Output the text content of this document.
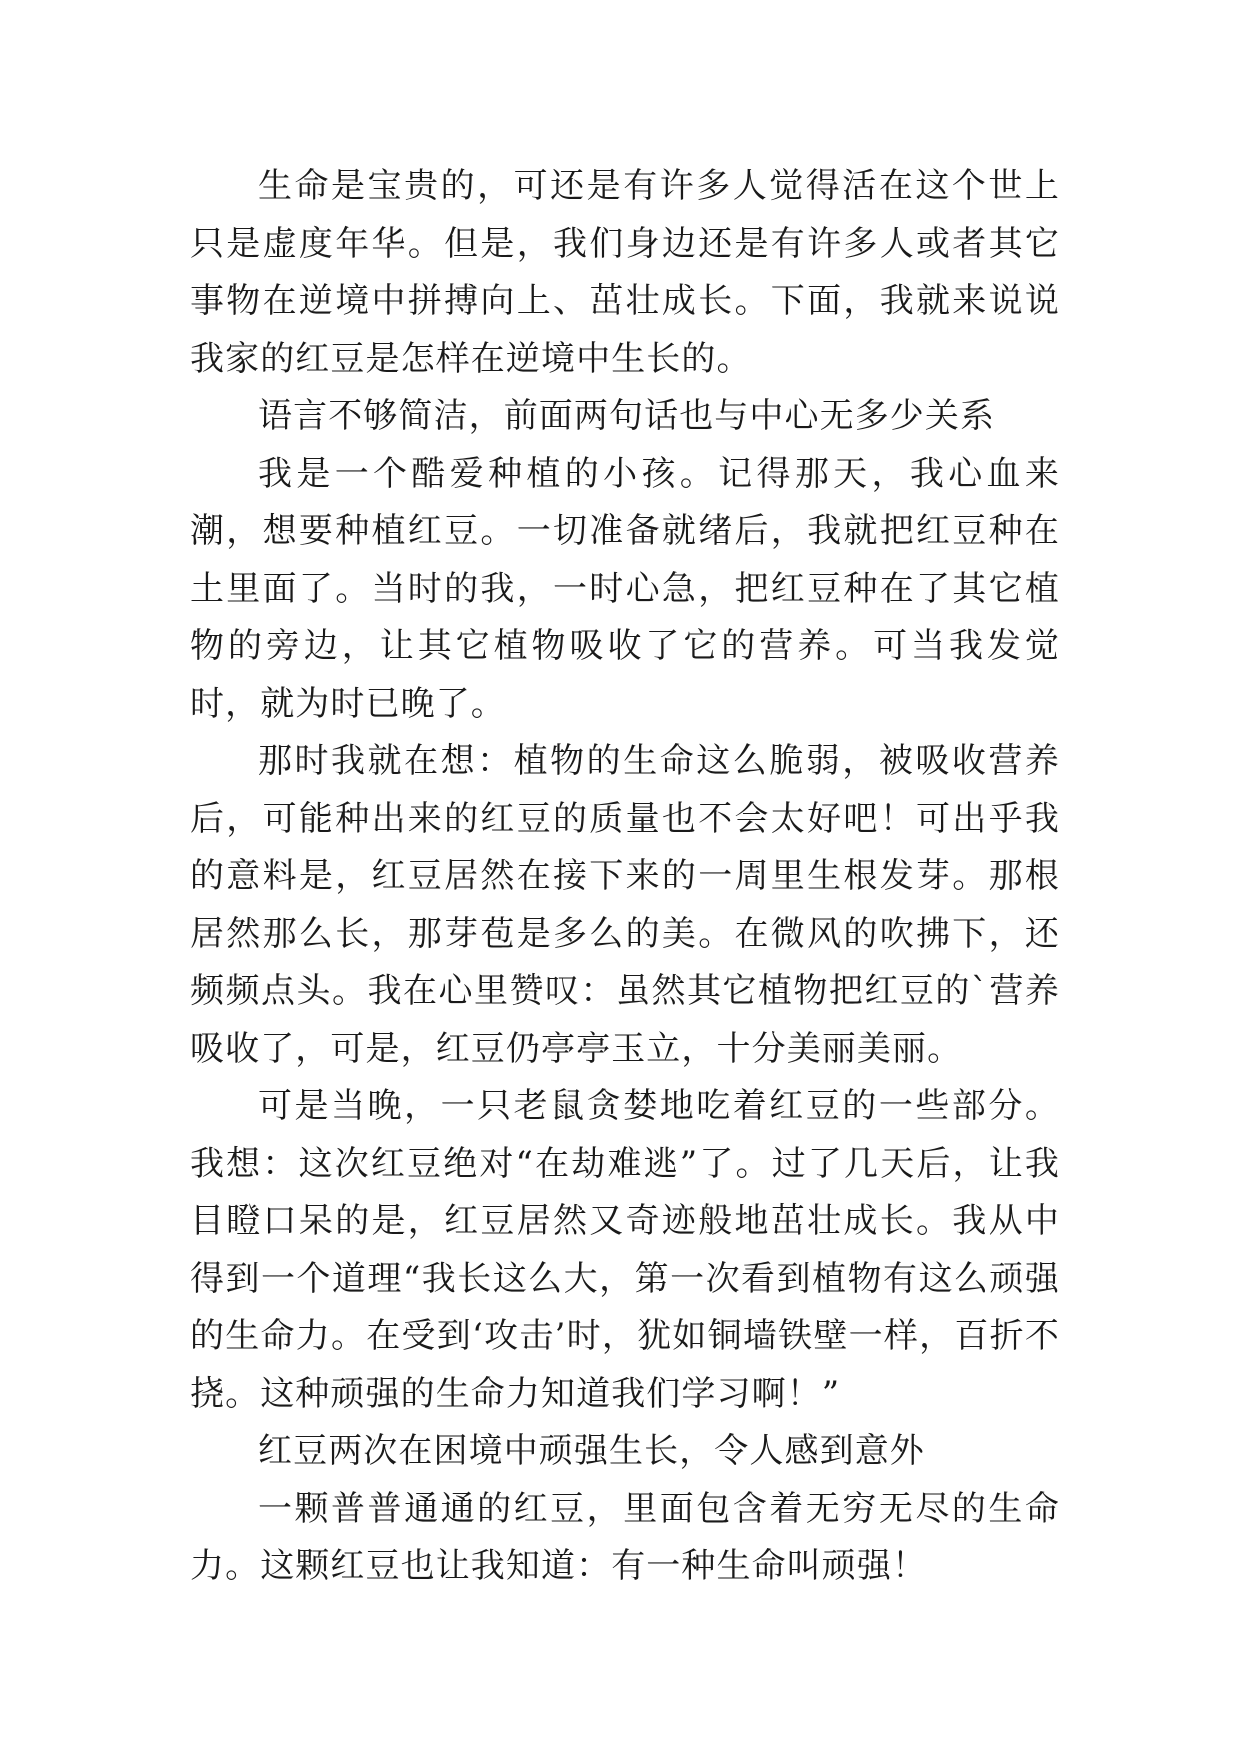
生命是宝贵的，可还是有许多人觉得活在这个世上只是虚度年华。但是，我们身边还是有许多人或者其它事物在逆境中拼搏向上、茁壮成长。下面，我就来说说我家的红豆是怎样在逆境中生长的。

语言不够简洁，前面两句话也与中心无多少关系

我是一个酷爱种植的小孩。记得那天，我心血来潮，想要种植红豆。一切准备就绪后，我就把红豆种在土里面了。当时的我，一时心急，把红豆种在了其它植物的旁边，让其它植物吸收了它的营养。可当我发觉时，就为时已晚了。

那时我就在想：植物的生命这么脆弱，被吸收营养后，可能种出来的红豆的质量也不会太好吧！可出乎我的意料是，红豆居然在接下来的一周里生根发芽。那根居然那么长，那芽苞是多么的美。在微风的吹拂下，还频频点头。我在心里赞叹：虽然其它植物把红豆的`营养吸收了，可是，红豆仍亭亭玉立，十分美丽美丽。

可是当晚，一只老鼠贪婪地吃着红豆的一些部分。我想：这次红豆绝对“在劫难逃”了。过了几天后，让我目瞪口呆的是，红豆居然又奇迹般地茁壮成长。我从中得到一个道理“我长这么大，第一次看到植物有这么顽强的生命力。在受到‘攻击’时，犹如铜墙铁壁一样，百折不挠。这种顽强的生命力知道我们学习啊！”

红豆两次在困境中顽强生长，令人感到意外

一颗普普通通的红豆，里面包含着无穷无尽的生命力。这颗红豆也让我知道：有一种生命叫顽强！
